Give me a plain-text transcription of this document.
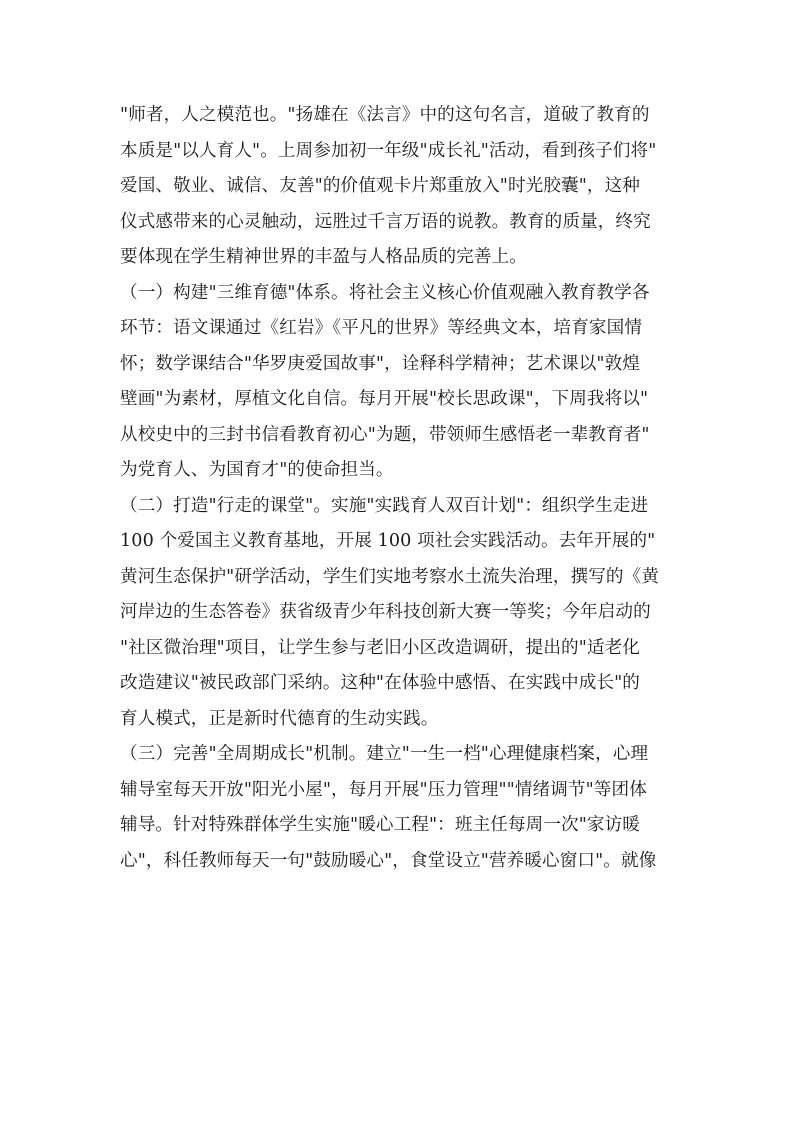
"师者，人之模范也。"扬雄在《法言》中的这句名言，道破了教育的
本质是"以人育人"。上周参加初一年级"成长礼"活动，看到孩子们将"
爱国、敬业、诚信、友善"的价值观卡片郑重放入"时光胶囊"，这种
仪式感带来的心灵触动，远胜过千言万语的说教。教育的质量，终究
要体现在学生精神世界的丰盈与人格品质的完善上。
（一）构建"三维育德"体系。将社会主义核心价值观融入教育教学各
环节：语文课通过《红岩》《平凡的世界》等经典文本，培育家国情
怀；数学课结合"华罗庚爱国故事"，诠释科学精神；艺术课以"敦煌
壁画"为素材，厚植文化自信。每月开展"校长思政课"，下周我将以"
从校史中的三封书信看教育初心"为题，带领师生感悟老一辈教育者"
为党育人、为国育才"的使命担当。
（二）打造"行走的课堂"。实施"实践育人双百计划"：组织学生走进
100 个爱国主义教育基地，开展 100 项社会实践活动。去年开展的"
黄河生态保护"研学活动，学生们实地考察水土流失治理，撰写的《黄
河岸边的生态答卷》获省级青少年科技创新大赛一等奖；今年启动的
"社区微治理"项目，让学生参与老旧小区改造调研，提出的"适老化
改造建议"被民政部门采纳。这种"在体验中感悟、在实践中成长"的
育人模式，正是新时代德育的生动实践。
（三）完善"全周期成长"机制。建立"一生一档"心理健康档案，心理
辅导室每天开放"阳光小屋"，每月开展"压力管理""情绪调节"等团体
辅导。针对特殊群体学生实施"暖心工程"：班主任每周一次"家访暖
心"，科任教师每天一句"鼓励暖心"，食堂设立"营养暖心窗口"。就像
